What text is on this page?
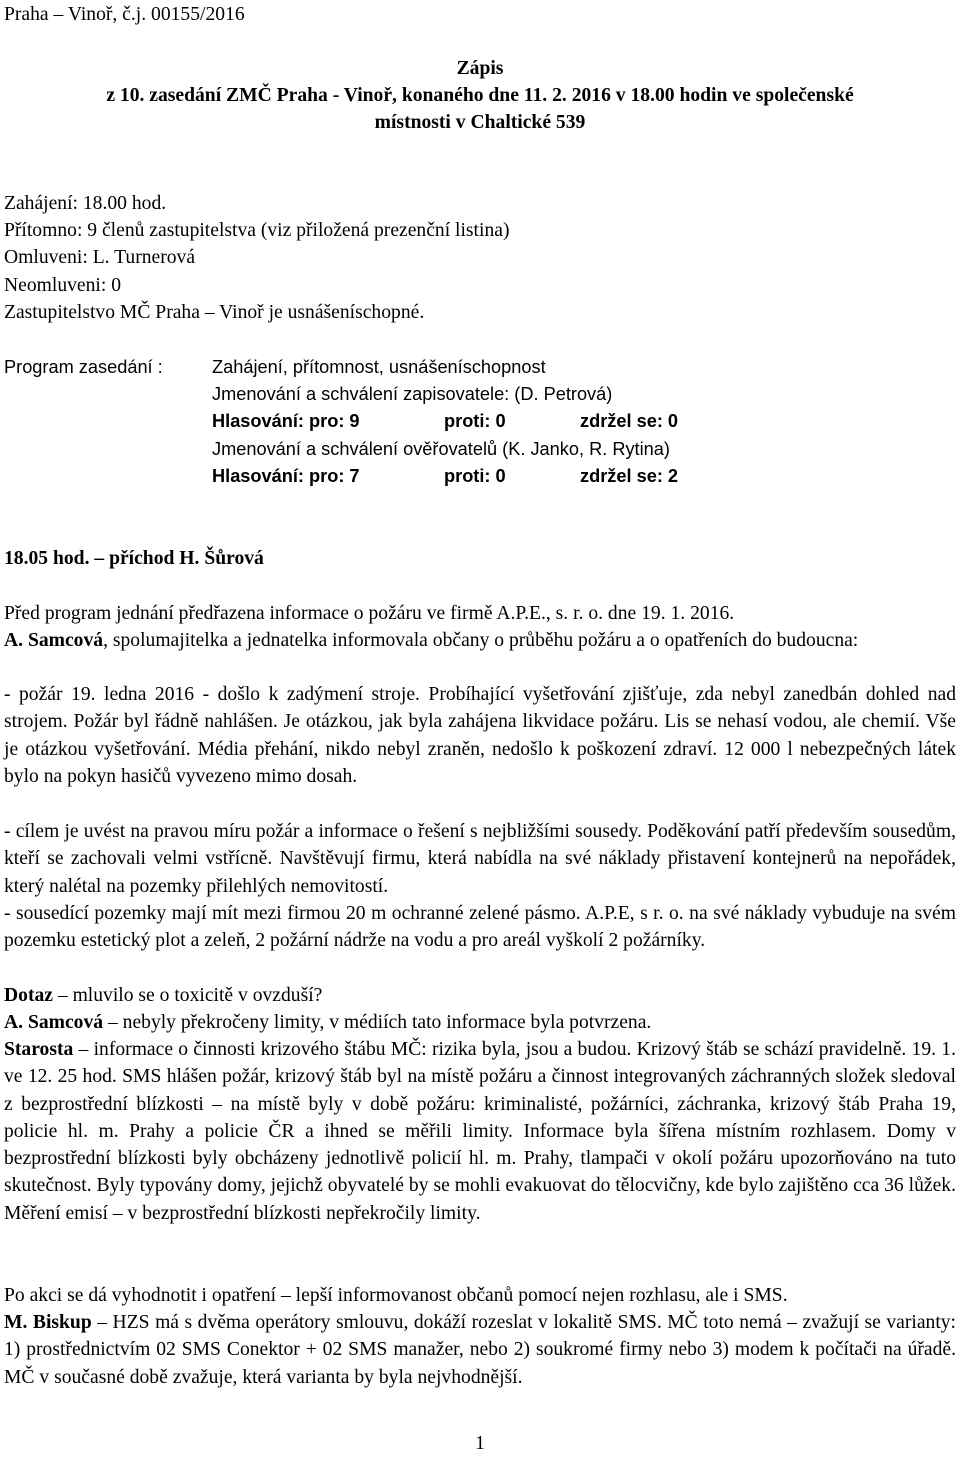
Praha – Vinoř, č.j. 00155/2016
Zápis
z 10. zasedání ZMČ Praha - Vinoř, konaného dne 11. 2. 2016 v 18.00 hodin ve společenské
místnosti v Chaltické 539
Zahájení: 18.00 hod.
Přítomno: 9 členů zastupitelstva (viz přiložená prezenční listina)
Omluveni: L. Turnerová
Neomluveni: 0
Zastupitelstvo MČ Praha – Vinoř je usnášeníschopné.
Program zasedání :	Zahájení, přítomnost, usnášeníschopnost
Jmenování a schválení zapisovatele: (D. Petrová)
Hlasování: pro: 9	proti: 0	zdržel se: 0
Jmenování a schválení ověřovatelů (K. Janko, R. Rytina)
Hlasování: pro: 7	proti: 0	zdržel se: 2
18.05 hod. – příchod H. Šůrová
Před program jednání předřazena informace o požáru ve firmě A.P.E., s. r. o. dne 19. 1. 2016.
A. Samcová, spolumajitelka a jednatelka informovala občany o průběhu požáru a o opatřeních do budoucna:
- požár 19. ledna 2016 - došlo k zadýmení stroje. Probíhající vyšetřování zjišťuje, zda nebyl zanedbán dohled nad strojem. Požár byl řádně nahlášen. Je otázkou, jak byla zahájena likvidace požáru. Lis se nehasí vodou, ale chemií. Vše je otázkou vyšetřování. Média přehání, nikdo nebyl zraněn, nedošlo k poškození zdraví. 12 000 l nebezpečných látek bylo na pokyn hasičů vyvezeno mimo dosah.
- cílem je uvést na pravou míru požár a informace o řešení s nejbližšími sousedy. Poděkování patří především sousedům, kteří se zachovali velmi vstřícně. Navštěvují firmu, která nabídla na své náklady přistavení kontejnerů na nepořádek, který nalétal na pozemky přilehlých nemovitostí.
- sousedící pozemky mají mít mezi firmou 20 m ochranné zelené pásmo. A.P.E, s r. o. na své náklady vybuduje na svém pozemku estetický plot a zeleň, 2 požární nádrže na vodu a pro areál vyškolí 2 požárníky.
Dotaz – mluvilo se o toxicitě v ovzduší?
A. Samcová – nebyly překročeny limity, v médiích tato informace byla potvrzena.
Starosta – informace o činnosti krizového štábu MČ: rizika byla, jsou a budou. Krizový štáb se schází pravidelně. 19. 1. ve 12. 25 hod. SMS hlášen požár, krizový štáb byl na místě požáru a činnost integrovaných záchranných složek sledoval z bezprostřední blízkosti – na místě byly v době požáru: kriminalisté, požárníci, záchranka, krizový štáb Praha 19, policie hl. m. Prahy a policie ČR a ihned se měřili limity. Informace byla šířena místním rozhlasem. Domy v bezprostřední blízkosti byly obcházeny jednotlivě policií hl. m. Prahy, tlampači v okolí požáru upozorňováno na tuto skutečnost. Byly typovány domy, jejichž obyvatelé by se mohli evakuovat do tělocvičny, kde bylo zajištěno cca 36 lůžek. Měření emisí – v bezprostřední blízkosti nepřekročily limity.
Po akci se dá vyhodnotit i opatření – lepší informovanost občanů pomocí nejen rozhlasu, ale i SMS.
M. Biskup – HZS má s dvěma operátory smlouvu, dokáží rozeslat v lokalitě SMS. MČ toto nemá – zvažují se varianty: 1) prostřednictvím 02 SMS Conektor + 02 SMS manažer, nebo 2) soukromé firmy nebo 3) modem k počítači na úřadě. MČ v současné době zvažuje, která varianta by byla nejvhodnější.
1
